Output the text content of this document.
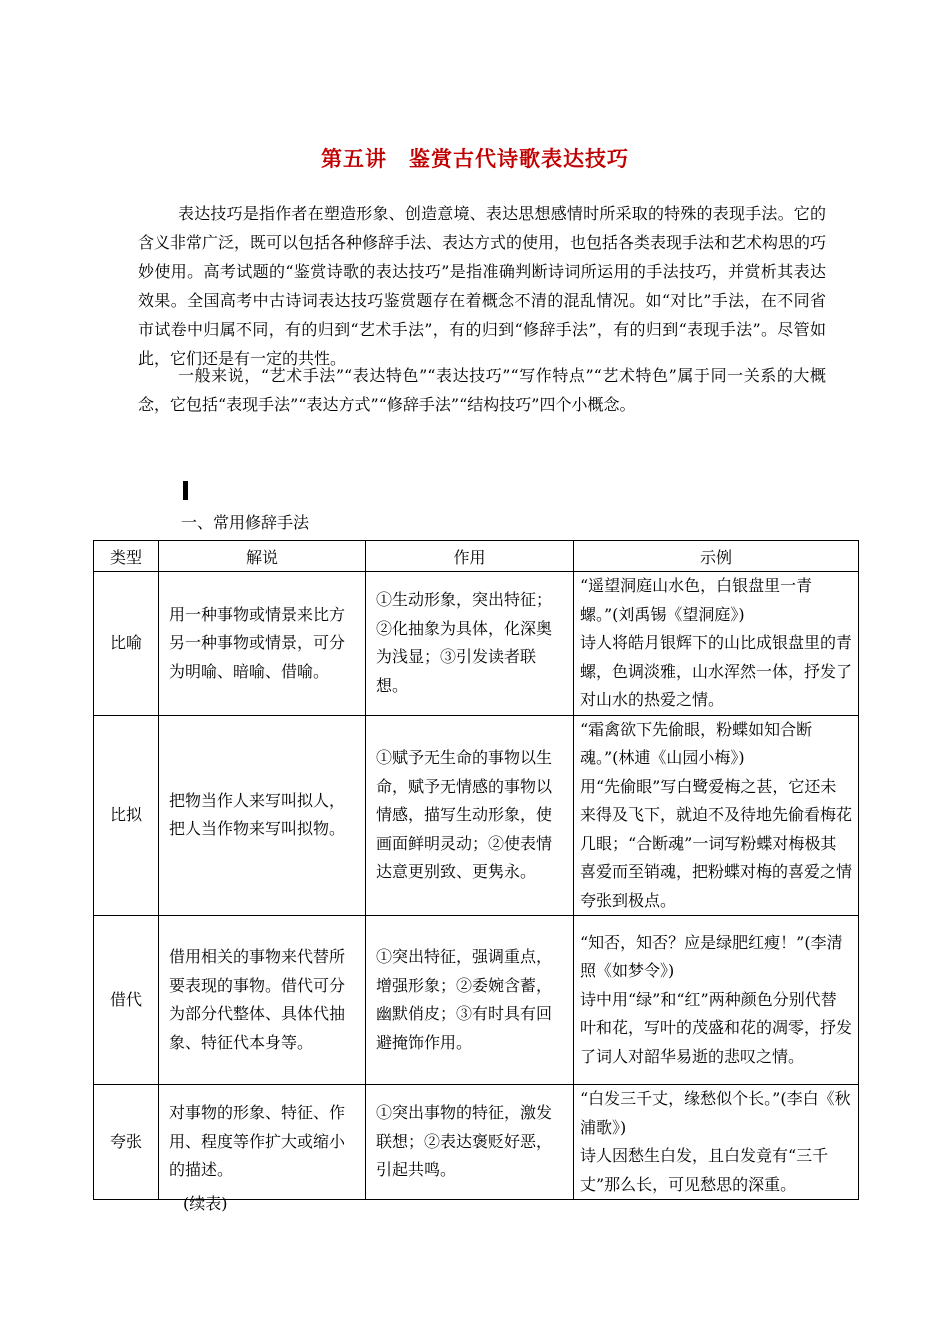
第五讲　鉴赏古代诗歌表达技巧
表达技巧是指作者在塑造形象、创造意境、表达思想感情时所采取的特殊的表现手法。它的含义非常广泛，既可以包括各种修辞手法、表达方式的使用，也包括各类表现手法和艺术构思的巧妙使用。高考试题的“鉴赏诗歌的表达技巧”是指准确判断诗词所运用的手法技巧，并赏析其表达效果。全国高考中古诗词表达技巧鉴赏题存在着概念不清的混乱情况。如“对比”手法，在不同省市试卷中归属不同，有的归到“艺术手法”，有的归到“修辞手法”，有的归到“表现手法”。尽管如此，它们还是有一定的共性。
一般来说，“艺术手法”“表达特色”“表达技巧”“写作特点”“艺术特色”属于同一关系的大概念，它包括“表现手法”“表达方式”“修辞手法”“结构技巧”四个小概念。
一、常用修辞手法
类型	解说	作用	示例
比喻	用一种事物或情景来比方另一种事物或情景，可分为明喻、暗喻、借喻。	①生动形象，突出特征；②化抽象为具体，化深奥为浅显；③引发读者联想。	“遥望洞庭山水色，白银盘里一青螺。”(刘禹锡《望洞庭》)
诗人将皓月银辉下的山比成银盘里的青螺，色调淡雅，山水浑然一体，抒发了对山水的热爱之情。

比拟	把物当作人来写叫拟人，把人当作物来写叫拟物。	①赋予无生命的事物以生命，赋予无情感的事物以情感，描写生动形象，使画面鲜明灵动；②使表情达意更别致、更隽永。	“霜禽欲下先偷眼，粉蝶如知合断魂。”(林逋《山园小梅》)
用“先偷眼”写白鹭爱梅之甚，它还未来得及飞下，就迫不及待地先偷看梅花几眼；“合断魂”一词写粉蝶对梅极其喜爱而至销魂，把粉蝶对梅的喜爱之情夸张到极点。

借代	借用相关的事物来代替所要表现的事物。借代可分为部分代整体、具体代抽象、特征代本身等。	①突出特征，强调重点，增强形象；②委婉含蓄，幽默俏皮；③有时具有回避掩饰作用。	“知否，知否？应是绿肥红瘦！”(李清照《如梦令》)
诗中用“绿”和“红”两种颜色分别代替叶和花，写叶的茂盛和花的凋零，抒发了词人对韶华易逝的悲叹之情。

夸张	对事物的形象、特征、作用、程度等作扩大或缩小的描述。	①突出事物的特征，激发联想；②表达褒贬好恶，引起共鸣。	“白发三千丈，缘愁似个长。”(李白《秋浦歌》)
诗人因愁生白发，且白发竟有“三千丈”那么长，可见愁思的深重。
(续表)
